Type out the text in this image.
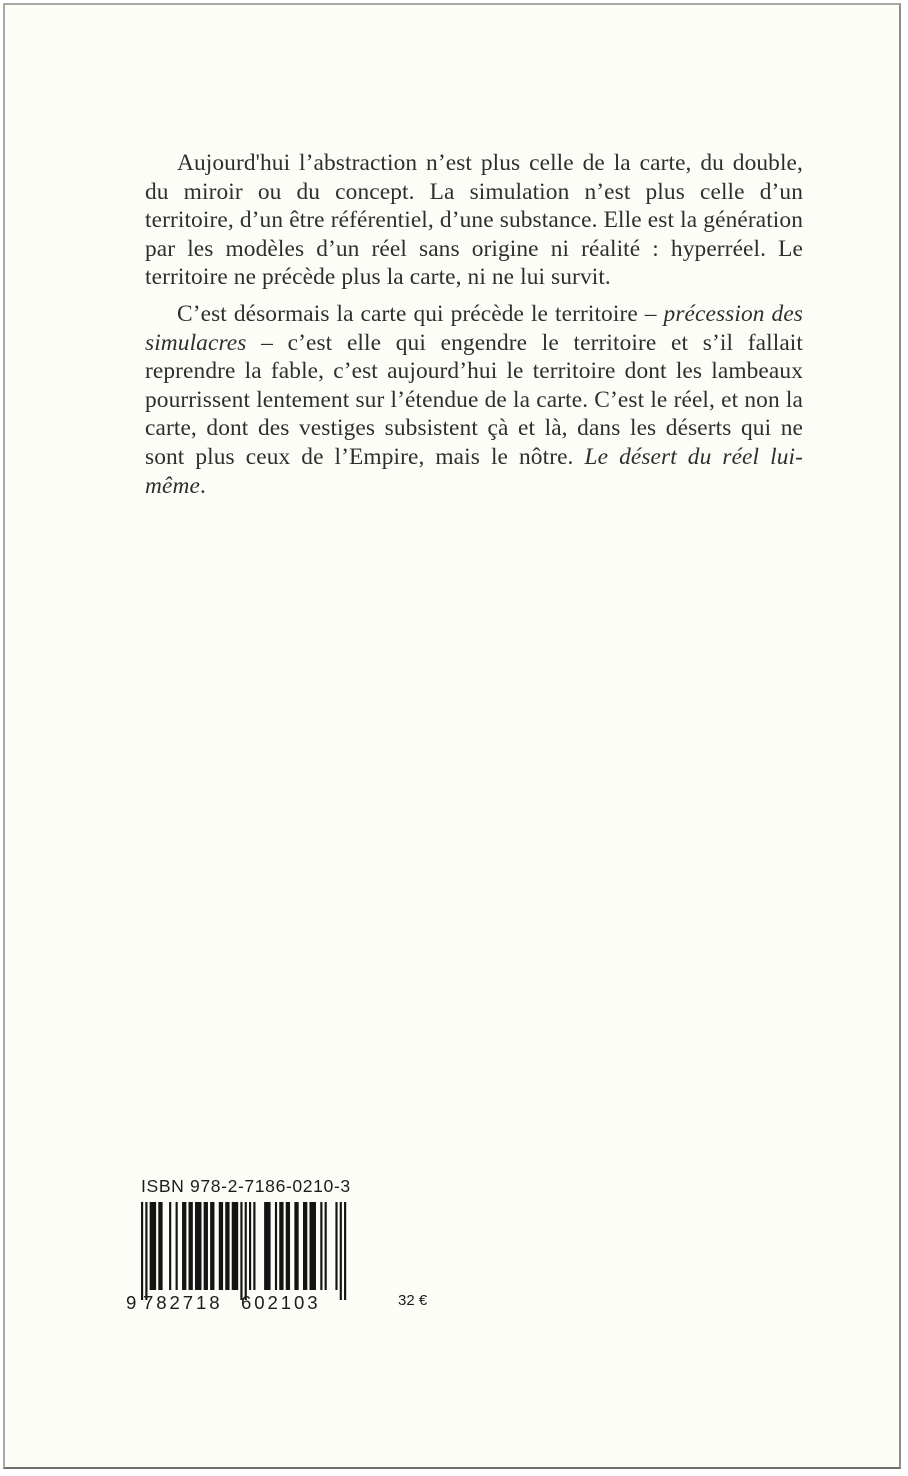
Aujourd'hui l’abstraction n’est plus celle de la carte, du double, du miroir ou du concept. La simulation n’est plus celle d’un territoire, d’un être référentiel, d’une substance. Elle est la génération par les modèles d’un réel sans origine ni réalité : hyperréel. Le territoire ne précède plus la carte, ni ne lui survit.

C’est désormais la carte qui précède le territoire – précession des simulacres – c’est elle qui engendre le territoire et s’il fallait reprendre la fable, c’est aujourd’hui le territoire dont les lambeaux pourrissent lentement sur l’étendue de la carte. C’est le réel, et non la carte, dont des vestiges subsistent çà et là, dans les déserts qui ne sont plus ceux de l’Empire, mais le nôtre. Le désert du réel lui-même.

ISBN 978-2-7186-0210-3
9 782718 602103	32 €
